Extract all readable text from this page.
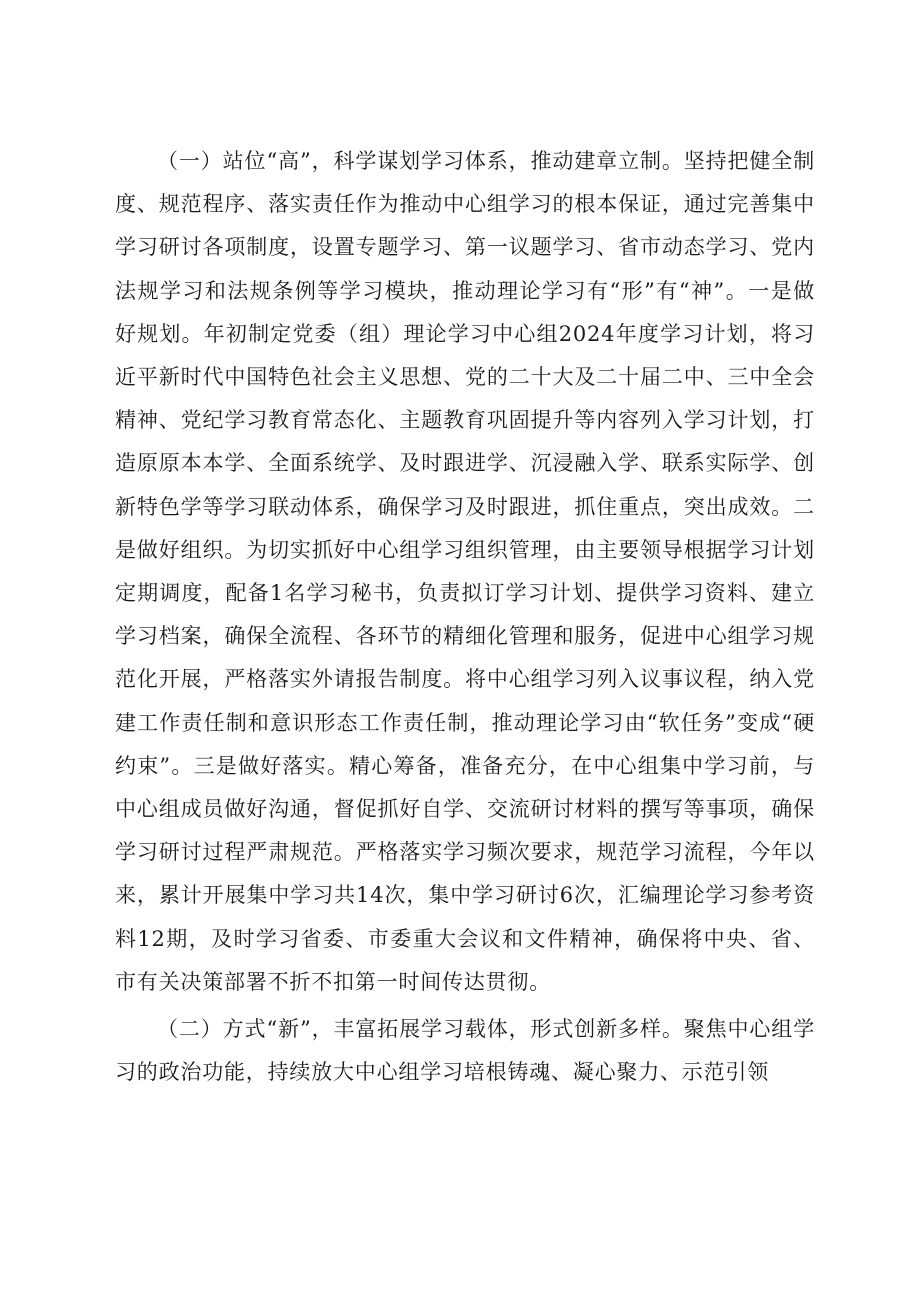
（一）站位“高”，科学谋划学习体系，推动建章立制。坚持把健全制度、规范程序、落实责任作为推动中心组学习的根本保证，通过完善集中学习研讨各项制度，设置专题学习、第一议题学习、省市动态学习、党内法规学习和法规条例等学习模块，推动理论学习有“形”有“神”。一是做好规划。年初制定党委（组）理论学习中心组2024年度学习计划，将习近平新时代中国特色社会主义思想、党的二十大及二十届二中、三中全会精神、党纪学习教育常态化、主题教育巩固提升等内容列入学习计划，打造原原本本学、全面系统学、及时跟进学、沉浸融入学、联系实际学、创新特色学等学习联动体系，确保学习及时跟进，抓住重点，突出成效。二是做好组织。为切实抓好中心组学习组织管理，由主要领导根据学习计划定期调度，配备1名学习秘书，负责拟订学习计划、提供学习资料、建立学习档案，确保全流程、各环节的精细化管理和服务，促进中心组学习规范化开展，严格落实外请报告制度。将中心组学习列入议事议程，纳入党建工作责任制和意识形态工作责任制，推动理论学习由“软任务”变成“硬约束”。三是做好落实。精心筹备，准备充分，在中心组集中学习前，与中心组成员做好沟通，督促抓好自学、交流研讨材料的撰写等事项，确保学习研讨过程严肃规范。严格落实学习频次要求，规范学习流程，今年以来，累计开展集中学习共14次，集中学习研讨6次，汇编理论学习参考资料12期，及时学习省委、市委重大会议和文件精神，确保将中央、省、市有关决策部署不折不扣第一时间传达贯彻。

（二）方式“新”，丰富拓展学习载体，形式创新多样。聚焦中心组学习的政治功能，持续放大中心组学习培根铸魂、凝心聚力、示范引领
